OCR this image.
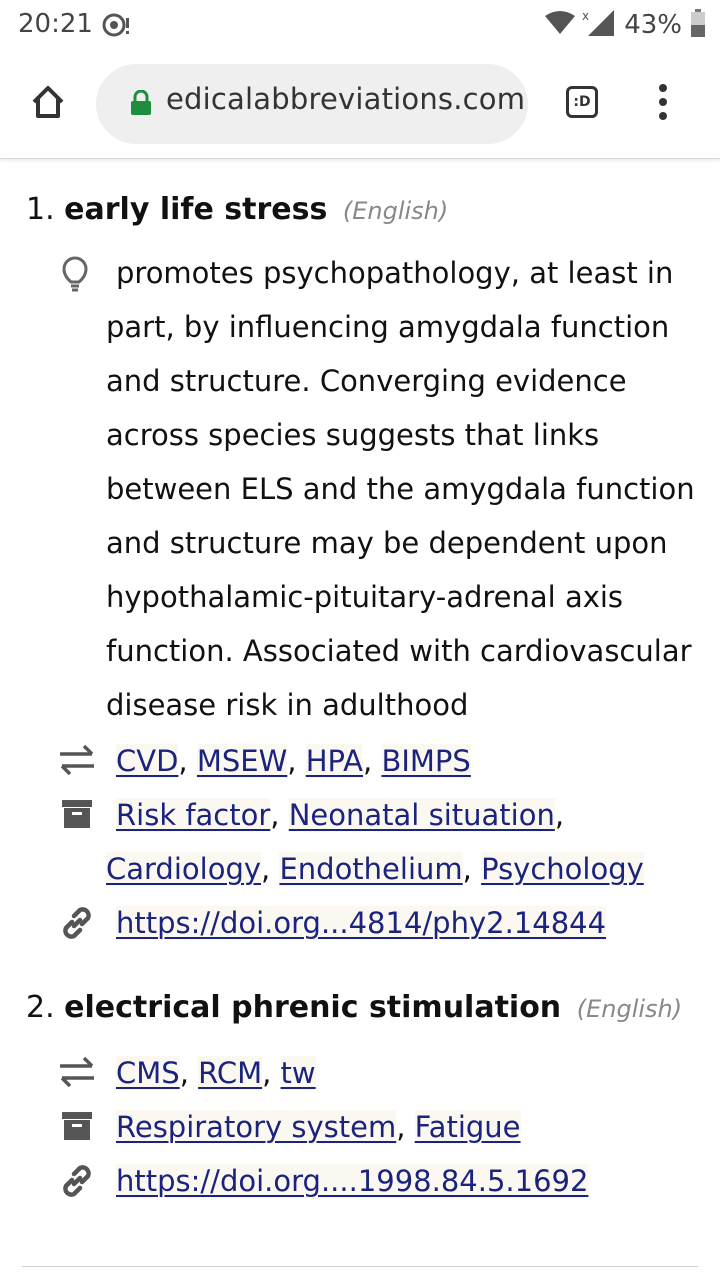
20:21	x 43%
edicalabbreviations.com	:D
1. early life stress (English)
promotes psychopathology, at least in part, by influencing amygdala function and structure. Converging evidence across species suggests that links between ELS and the amygdala function and structure may be dependent upon hypothalamic-pituitary-adrenal axis function. Associated with cardiovascular disease risk in adulthood
CVD, MSEW, HPA, BIMPS
Risk factor, Neonatal situation, Cardiology, Endothelium, Psychology
https://doi.org...4814/phy2.14844
2. electrical phrenic stimulation (English)
CMS, RCM, tw
Respiratory system, Fatigue
https://doi.org....1998.84.5.1692
